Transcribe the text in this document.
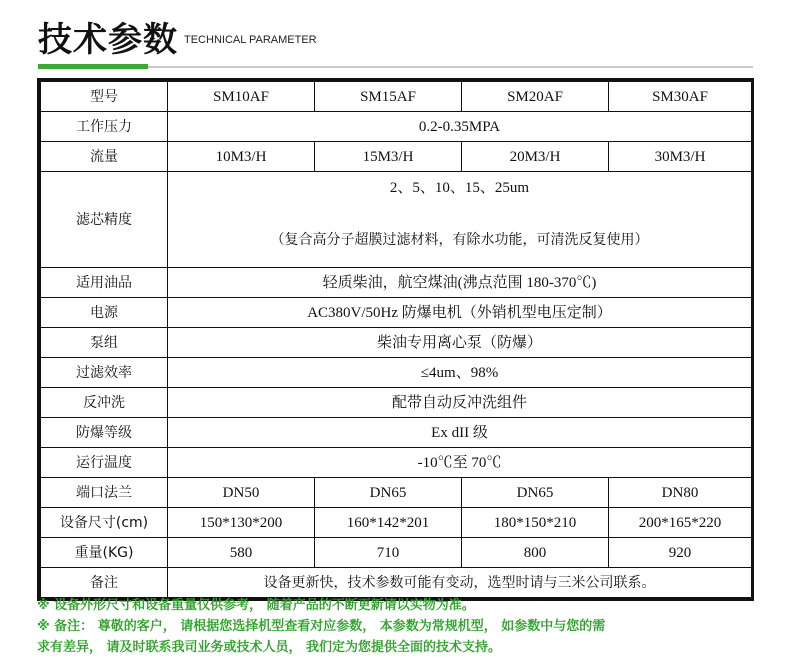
技术参数 TECHNICAL PARAMETER
型号	SM10AF	SM15AF	SM20AF	SM30AF
工作压力	0.2-0.35MPA			
流量	10M3/H	15M3/H	20M3/H	30M3/H
滤芯精度	2、5、10、15、25um
（复合高分子超膜过滤材料，有除水功能，可清洗反复使用）			

适用油品	轻质柴油，航空煤油(沸点范围 180-370℃)			
电源	AC380V/50Hz 防爆电机（外销机型电压定制）			
泵组	柴油专用离心泵（防爆）			
过滤效率	≤4um、98%			
反冲洗	配带自动反冲洗组件			
防爆等级	Ex dII 级			
运行温度	-10℃至 70℃			
端口法兰	DN50	DN65	DN65	DN80
设备尺寸(cm)	150*130*200	160*142*201	180*150*210	200*165*220
重量(KG)	580	710	800	920
备注	设备更新快，技术参数可能有变动，选型时请与三米公司联系。			

※ 设备外形尺寸和设备重量仅供参考， 随着产品的不断更新请以实物为准。

※ 备注： 尊敬的客户， 请根据您选择机型查看对应参数， 本参数为常规机型， 如参数中与您的需

求有差异， 请及时联系我司业务或技术人员， 我们定为您提供全面的技术支持。
